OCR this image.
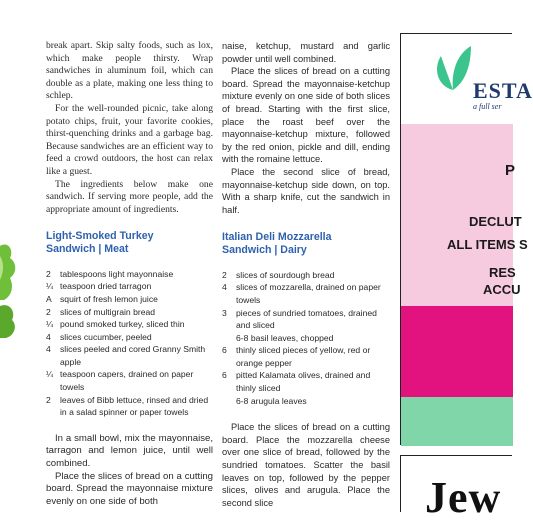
break apart. Skip salty foods, such as lox, which make people thirsty. Wrap sandwiches in aluminum foil, which can double as a plate, making one less thing to schlep.

For the well-rounded picnic, take along potato chips, fruit, your favorite cookies, thirst-quenching drinks and a garbage bag. Because sandwiches are an efficient way to feed a crowd outdoors, the host can relax like a guest.

The ingredients below make one sandwich. If serving more people, add the appropriate amount of ingredients.

Light-Smoked Turkey
Sandwich | Meat
2	tablespoons light mayonnaise
¼ teaspoon dried tarragon
A squirt of fresh lemon juice
2	slices of multigrain bread
¼ pound smoked turkey, sliced thin
4	slices cucumber, peeled
4	slices peeled and cored Granny Smith apple
¼ teaspoon capers, drained on paper towels
2	leaves of Bibb lettuce, rinsed and dried in a salad spinner or paper towels

In a small bowl, mix the mayonnaise, tarragon and lemon juice, until well combined.

Place the slices of bread on a cutting board. Spread the mayonnaise mixture evenly on one side of both

naise, ketchup, mustard and garlic powder until well combined.

Place the slices of bread on a cutting board. Spread the mayonnaise-ketchup mixture evenly on one side of both slices of bread. Starting with the first slice, place the roast beef over the mayonnaise-ketchup mixture, followed by the red onion, pickle and dill, ending with the romaine lettuce.

Place the second slice of bread, mayonnaise-ketchup side down, on top. With a sharp knife, cut the sandwich in half.

Italian Deli Mozzarella
Sandwich | Dairy
2	slices of sourdough bread
4	slices of mozzarella, drained on paper towels
3	pieces of sundried tomatoes, drained and sliced
6-8 basil leaves, chopped
6	thinly sliced pieces of yellow, red or orange pepper
6	pitted Kalamata olives, drained and thinly sliced
6-8 arugula leaves

Place the slices of bread on a cutting board. Place the mozzarella cheese over one slice of bread, followed by the sundried tomatoes. Scatter the basil leaves on top, followed by the pepper slices, olives and arugula. Place the second slice

ESTA
a full ser
P
DECLUT
ALL ITEMS S
RES
ACCU
Jew
